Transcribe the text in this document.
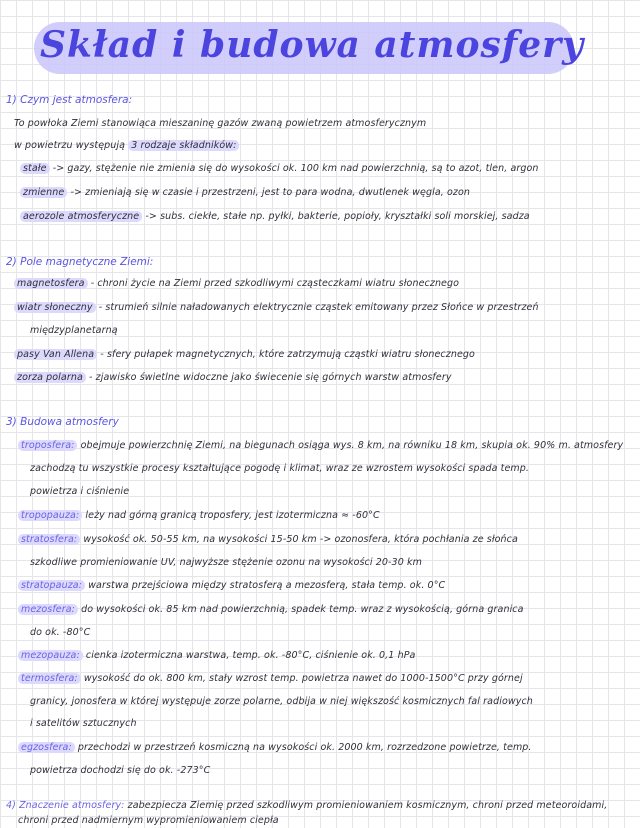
Skład i budowa atmosfery

1) Czym jest atmosfera:

To powłoka Ziemi stanowiąca mieszaninę gazów zwaną powietrzem atmosferycznym

w powietrzu występują 3 rodzaje składników:

stałe -> gazy, stężenie nie zmienia się do wysokości ok. 100 km nad powierzchnią, są to azot, tlen, argon

zmienne -> zmieniają się w czasie i przestrzeni, jest to para wodna, dwutlenek węgla, ozon

aerozole atmosferyczne -> subs. ciekłe, stałe np. pyłki, bakterie, popioły, kryształki soli morskiej, sadza

2) Pole magnetyczne Ziemi:

magnetosfera - chroni życie na Ziemi przed szkodliwymi cząsteczkami wiatru słonecznego

wiatr słoneczny - strumień silnie naładowanych elektrycznie cząstek emitowany przez Słońce w przestrzeń

międzyplanetarną

pasy Van Allena - sfery pułapek magnetycznych, które zatrzymują cząstki wiatru słonecznego

zorza polarna - zjawisko świetlne widoczne jako świecenie się górnych warstw atmosfery

3) Budowa atmosfery

troposfera: obejmuje powierzchnię Ziemi, na biegunach osiąga wys. 8 km, na równiku 18 km, skupia ok. 90% m. atmosfery

zachodzą tu wszystkie procesy kształtujące pogodę i klimat, wraz ze wzrostem wysokości spada temp.

powietrza i ciśnienie

tropopauza: leży nad górną granicą troposfery, jest izotermiczna ≈ -60°C

stratosfera: wysokość ok. 50-55 km, na wysokości 15-50 km -> ozonosfera, która pochłania ze słońca

szkodliwe promieniowanie UV, najwyższe stężenie ozonu na wysokości 20-30 km

stratopauza: warstwa przejściowa między stratosferą a mezosferą, stała temp. ok. 0°C

mezosfera: do wysokości ok. 85 km nad powierzchnią, spadek temp. wraz z wysokością, górna granica

do ok. -80°C

mezopauza: cienka izotermiczna warstwa, temp. ok. -80°C, ciśnienie ok. 0,1 hPa

termosfera: wysokość do ok. 800 km, stały wzrost temp. powietrza nawet do 1000-1500°C przy górnej

granicy, jonosfera w której występuje zorze polarne, odbija w niej większość kosmicznych fal radiowych

i satelitów sztucznych

egzosfera: przechodzi w przestrzeń kosmiczną na wysokości ok. 2000 km, rozrzedzone powietrze, temp.

powietrza dochodzi się do ok. -273°C

4) Znaczenie atmosfery: zabezpiecza Ziemię przed szkodliwym promieniowaniem kosmicznym, chroni przed meteoroidami,

chroni przed nadmiernym wypromieniowaniem ciepła
